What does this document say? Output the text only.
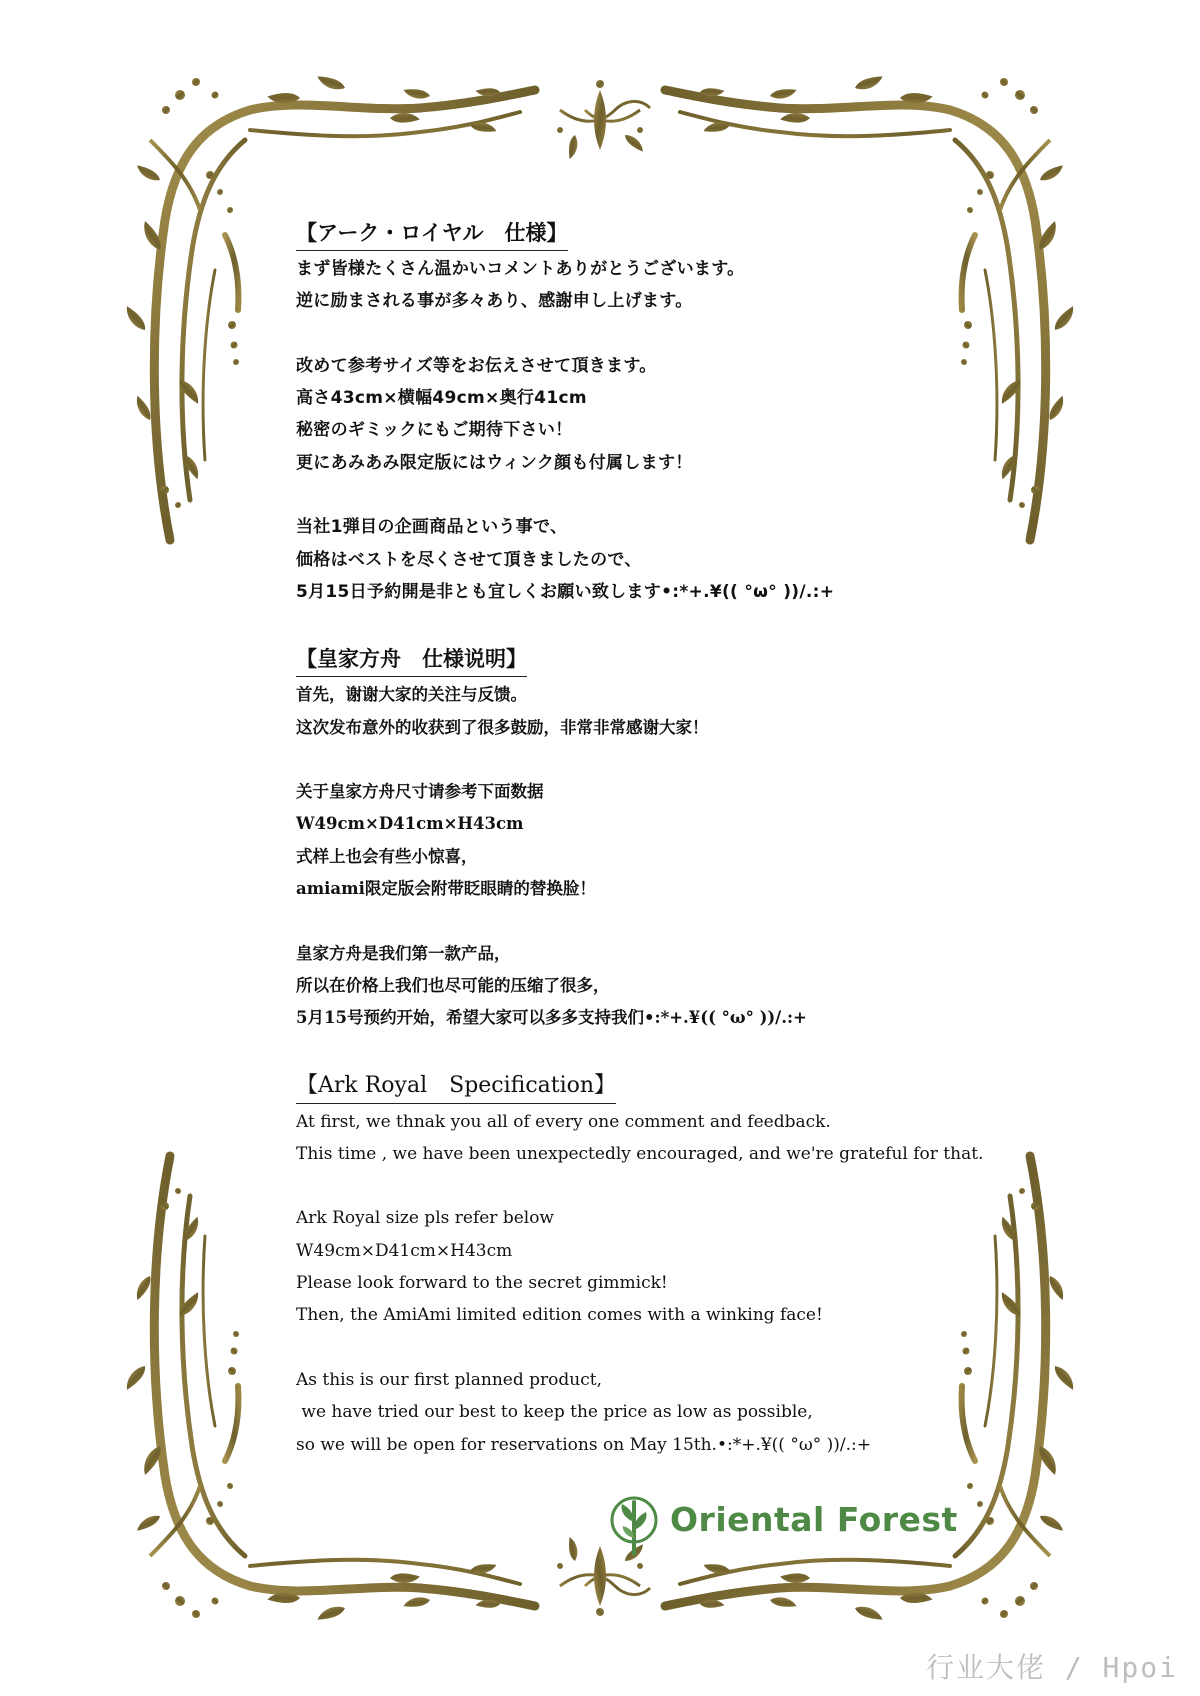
【アーク・ロイヤル　仕様】
まず皆様たくさん温かいコメントありがとうございます。
逆に励まされる事が多々あり、感謝申し上げます。
改めて参考サイズ等をお伝えさせて頂きます。
高さ43cm×横幅49cm×奥行41cm
秘密のギミックにもご期待下さい！
更にあみあみ限定版にはウィンク顔も付属します！
当社1弾目の企画商品という事で、
価格はベストを尽くさせて頂きましたので、
5月15日予約開是非とも宜しくお願い致します•:*+.¥(( °ω° ))/.:+
【皇家方舟　仕様说明】
首先，谢谢大家的关注与反馈。
这次发布意外的收获到了很多鼓励，非常非常感谢大家！
关于皇家方舟尺寸请参考下面数据
W49cm×D41cm×H43cm
式样上也会有些小惊喜，
amiami限定版会附带眨眼睛的替换脸！
皇家方舟是我们第一款产品，
所以在价格上我们也尽可能的压缩了很多，
5月15号预约开始，希望大家可以多多支持我们•:*+.¥(( °ω° ))/.:+
【Ark Royal　Specification】
At first, we thnak you all of every one comment and feedback.
This time , we have been unexpectedly encouraged, and we're grateful for that.
Ark Royal size pls refer below
W49cm×D41cm×H43cm
Please look forward to the secret gimmick!
Then, the AmiAmi limited edition comes with a winking face!
As this is our first planned product,
we have tried our best to keep the price as low as possible,
so we will be open for reservations on May 15th.•:*+.¥(( °ω° ))/.:+
Oriental Forest
行业大佬 / Hpoi
